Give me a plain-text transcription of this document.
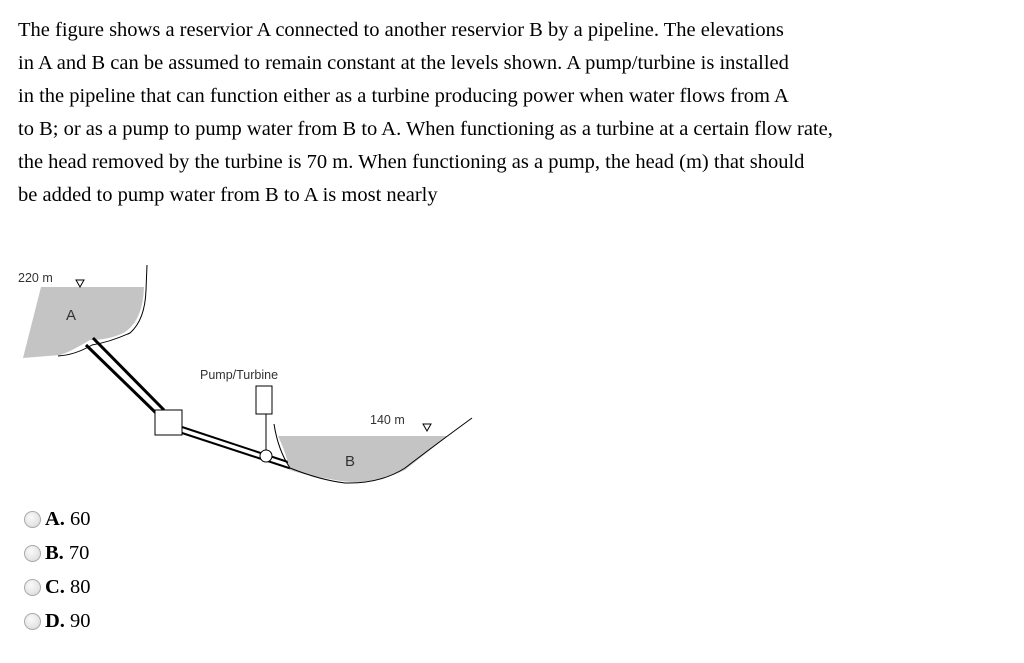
The figure shows a reservior A connected to another reservior B by a pipeline. The elevations
in A and B can be assumed to remain constant at the levels shown. A pump/turbine is installed
in the pipeline that can function either as a turbine producing power when water flows from A
to B; or as a pump to pump water from B to A. When functioning as a turbine at a certain flow rate,
the head removed by the turbine is 70 m. When functioning as a pump, the head (m) that should
be added to pump water from B to A is most nearly
220 m
A
Pump/Turbine
140 m
B
A. 60
B. 70
C. 80
D. 90
